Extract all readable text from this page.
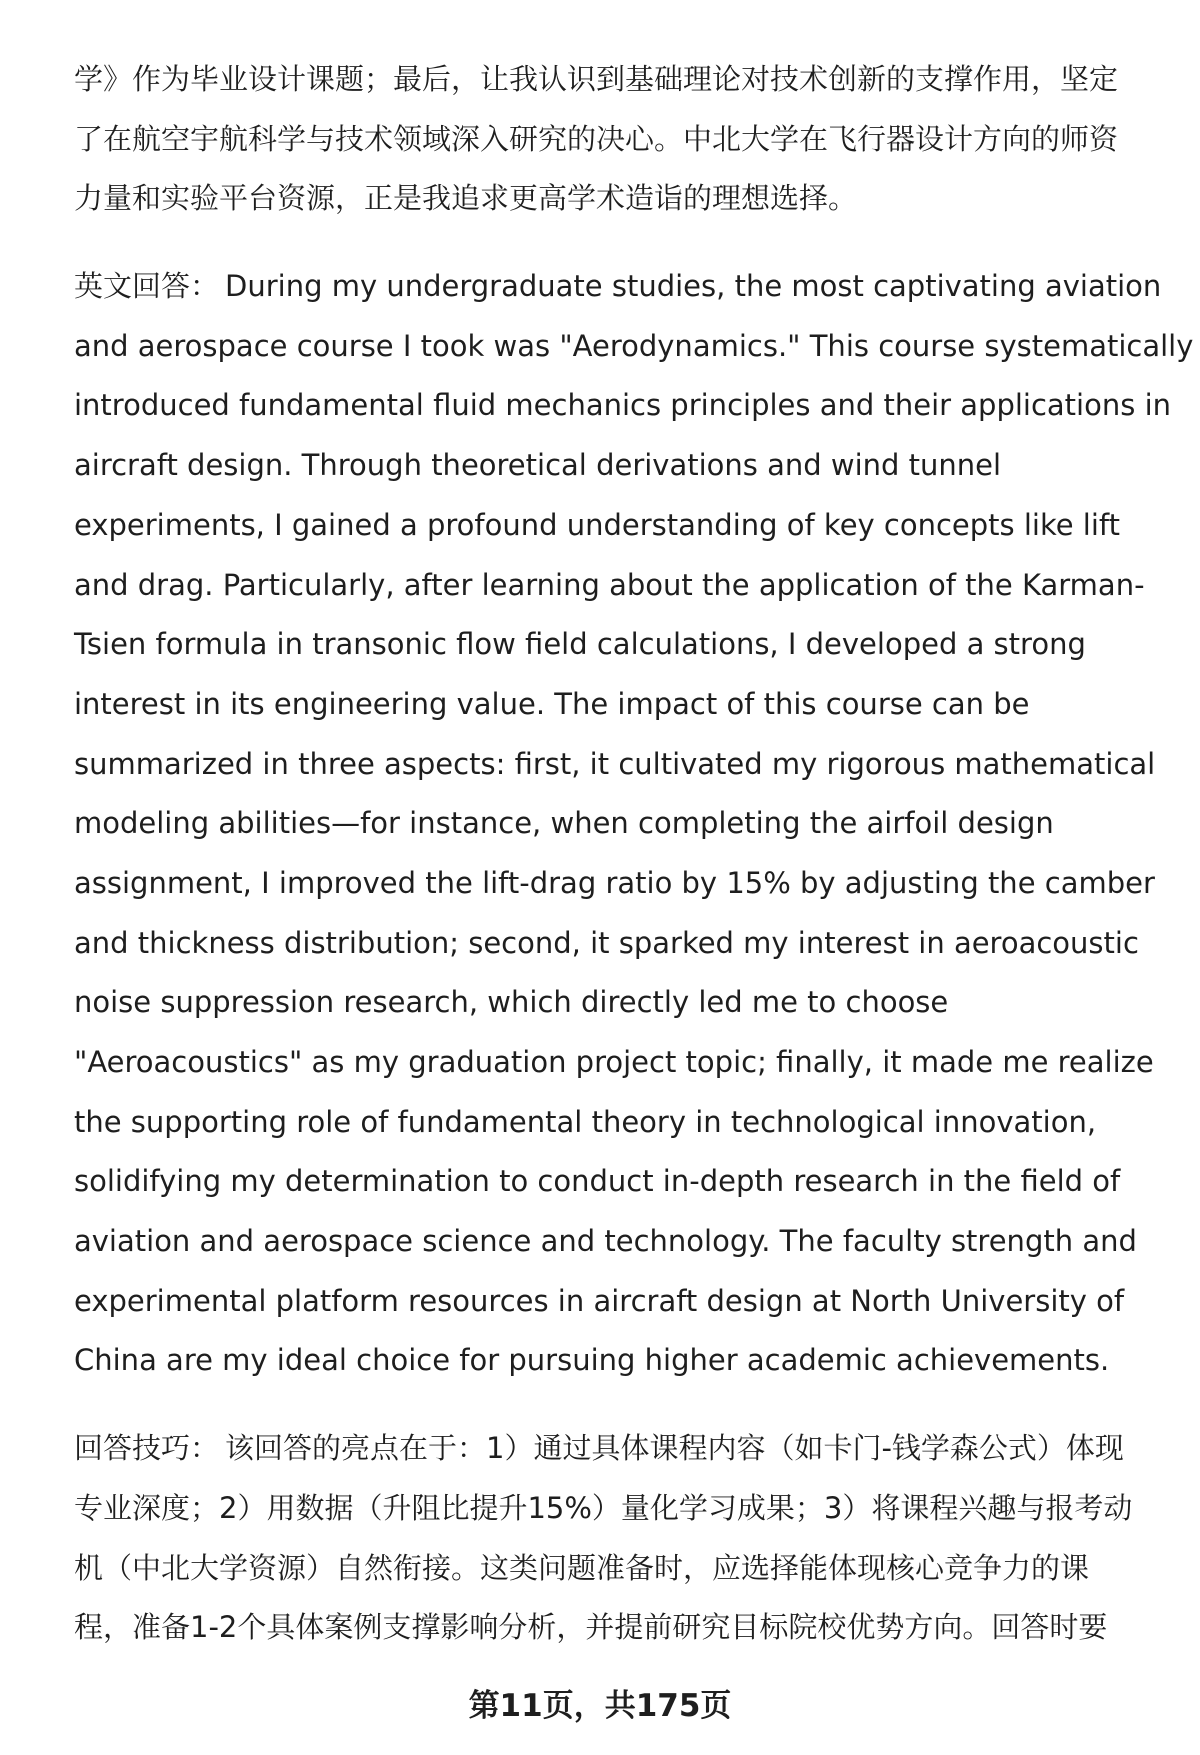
学》作为毕业设计课题；最后，让我认识到基础理论对技术创新的支撑作用，坚定
了在航空宇航科学与技术领域深入研究的决心。中北大学在飞行器设计方向的师资
力量和实验平台资源，正是我追求更高学术造诣的理想选择。
英文回答： During my undergraduate studies, the most captivating aviation
and aerospace course I took was "Aerodynamics." This course systematically
introduced fundamental fluid mechanics principles and their applications in
aircraft design. Through theoretical derivations and wind tunnel
experiments, I gained a profound understanding of key concepts like lift
and drag. Particularly, after learning about the application of the Karman-
Tsien formula in transonic flow field calculations, I developed a strong
interest in its engineering value. The impact of this course can be
summarized in three aspects: first, it cultivated my rigorous mathematical
modeling abilities—for instance, when completing the airfoil design
assignment, I improved the lift-drag ratio by 15% by adjusting the camber
and thickness distribution; second, it sparked my interest in aeroacoustic
noise suppression research, which directly led me to choose
"Aeroacoustics" as my graduation project topic; finally, it made me realize
the supporting role of fundamental theory in technological innovation,
solidifying my determination to conduct in-depth research in the field of
aviation and aerospace science and technology. The faculty strength and
experimental platform resources in aircraft design at North University of
China are my ideal choice for pursuing higher academic achievements.
回答技巧： 该回答的亮点在于：1）通过具体课程内容（如卡门-钱学森公式）体现
专业深度；2）用数据（升阻比提升15%）量化学习成果；3）将课程兴趣与报考动
机（中北大学资源）自然衔接。这类问题准备时，应选择能体现核心竞争力的课
程，准备1-2个具体案例支撑影响分析，并提前研究目标院校优势方向。回答时要
第11页，共175页
